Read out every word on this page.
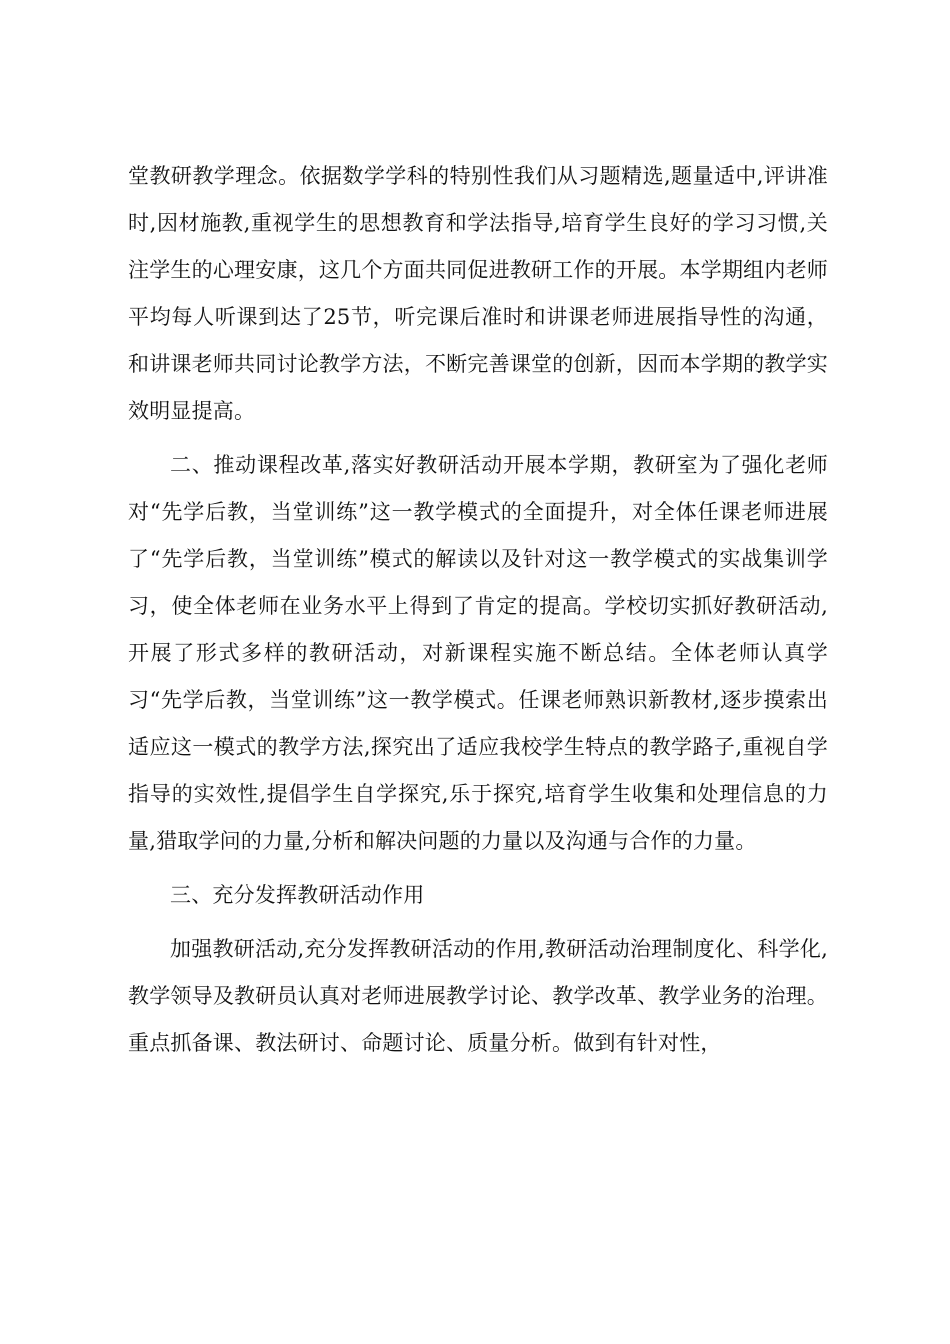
堂教研教学理念。依据数学学科的特别性我们从习题精选,题量适中,评讲准时,因材施教,重视学生的思想教育和学法指导,培育学生良好的学习习惯,关注学生的心理安康，这几个方面共同促进教研工作的开展。本学期组内老师平均每人听课到达了25节，听完课后准时和讲课老师进展指导性的沟通，和讲课老师共同讨论教学方法，不断完善课堂的创新，因而本学期的教学实效明显提高。

二、推动课程改革,落实好教研活动开展本学期，教研室为了强化老师对“先学后教，当堂训练”这一教学模式的全面提升，对全体任课老师进展了“先学后教，当堂训练”模式的解读以及针对这一教学模式的实战集训学习，使全体老师在业务水平上得到了肯定的提高。学校切实抓好教研活动,开展了形式多样的教研活动，对新课程实施不断总结。全体老师认真学习“先学后教，当堂训练”这一教学模式。任课老师熟识新教材,逐步摸索出适应这一模式的教学方法,探究出了适应我校学生特点的教学路子,重视自学指导的实效性,提倡学生自学探究,乐于探究,培育学生收集和处理信息的力量,猎取学问的力量,分析和解决问题的力量以及沟通与合作的力量。

三、充分发挥教研活动作用

加强教研活动,充分发挥教研活动的作用,教研活动治理制度化、科学化,教学领导及教研员认真对老师进展教学讨论、教学改革、教学业务的治理。重点抓备课、教法研讨、命题讨论、质量分析。做到有针对性，
